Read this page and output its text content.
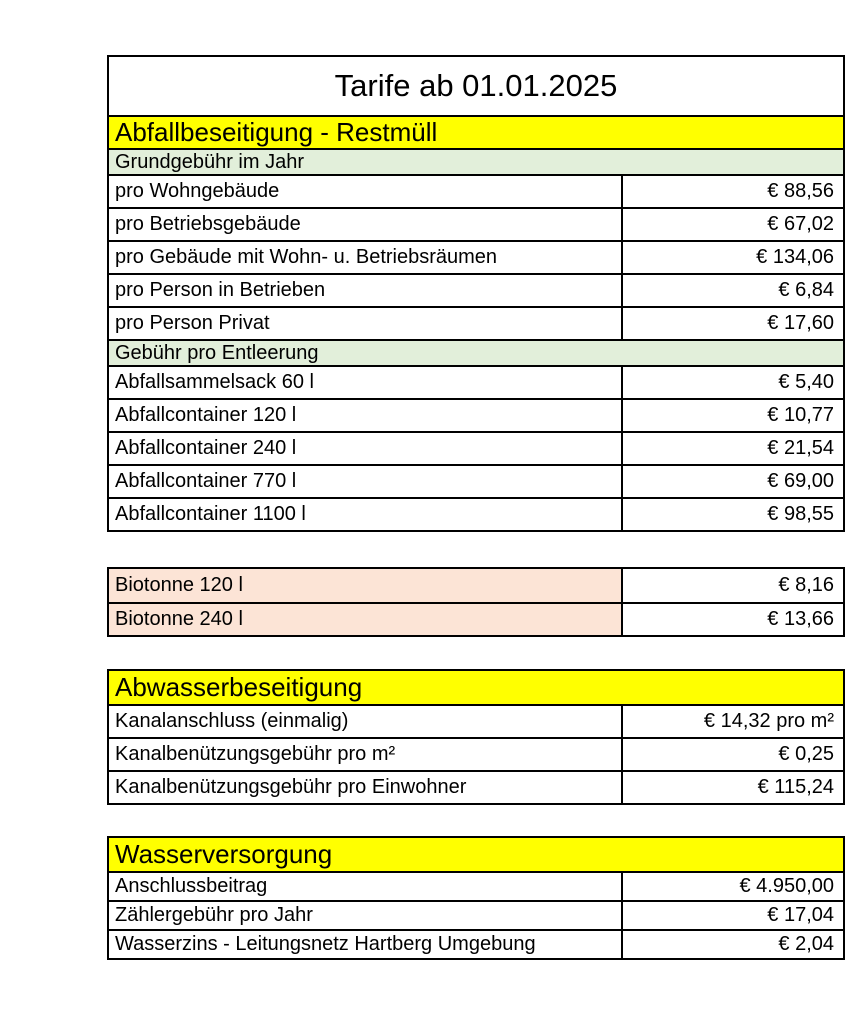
Tarife ab 01.01.2025
Abfallbeseitigung - Restmüll
Grundgebühr im Jahr
pro Wohngebäude	€ 88,56
pro Betriebsgebäude	€ 67,02
pro Gebäude mit Wohn- u. Betriebsräumen	€ 134,06
pro Person in Betrieben	€ 6,84
pro Person Privat	€ 17,60
Gebühr pro Entleerung
Abfallsammelsack 60 l	€ 5,40
Abfallcontainer 120 l	€ 10,77
Abfallcontainer 240 l	€ 21,54
Abfallcontainer 770 l	€ 69,00
Abfallcontainer 1100 l	€ 98,55
Biotonne 120 l	€ 8,16
Biotonne 240 l	€ 13,66
Abwasserbeseitigung
Kanalanschluss (einmalig)	€ 14,32 pro m²
Kanalbenützungsgebühr pro m²	€ 0,25
Kanalbenützungsgebühr pro Einwohner	€ 115,24
Wasserversorgung
Anschlussbeitrag	€ 4.950,00
Zählergebühr pro Jahr	€ 17,04
Wasserzins - Leitungsnetz Hartberg Umgebung	€ 2,04
